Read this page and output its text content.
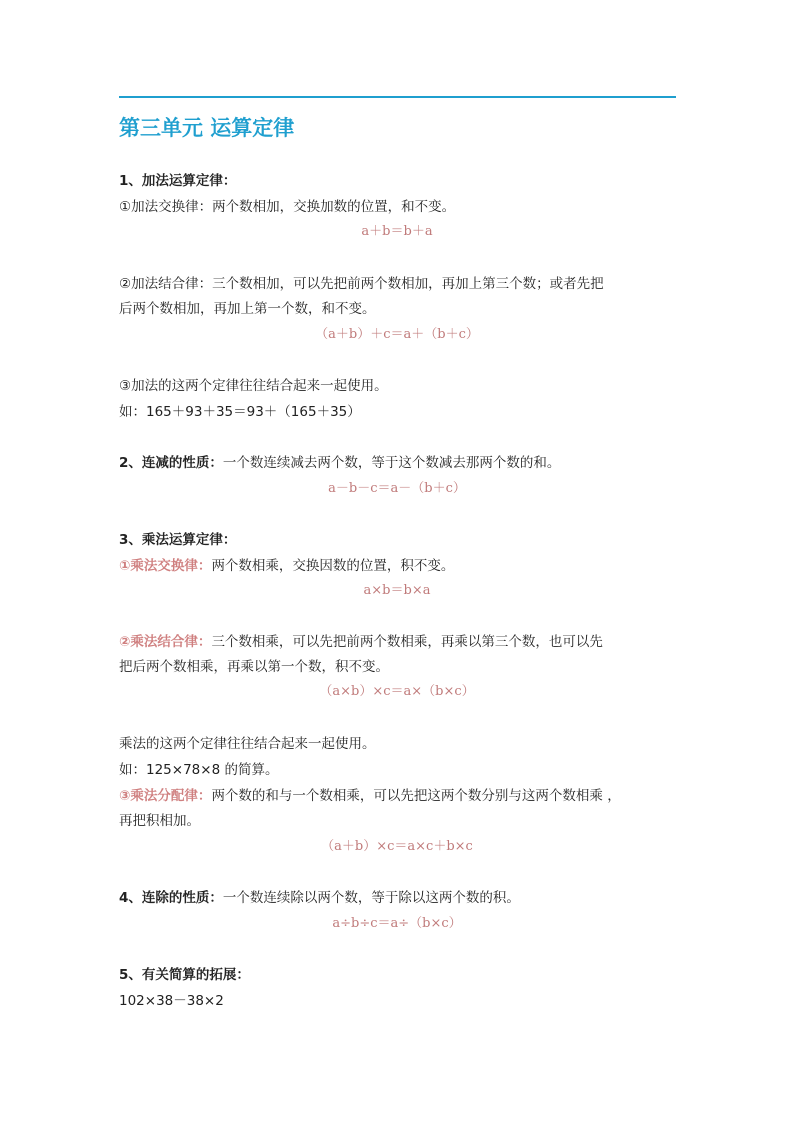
第三单元 运算定律
1、加法运算定律：
①加法交换律：两个数相加，交换加数的位置，和不变。
a＋b＝b＋a
②加法结合律：三个数相加，可以先把前两个数相加，再加上第三个数；或者先把
后两个数相加，再加上第一个数，和不变。
（a＋b）＋c＝a＋（b＋c）
③加法的这两个定律往往结合起来一起使用。
如：165＋93＋35＝93＋（165＋35）
2、连减的性质：一个数连续减去两个数，等于这个数减去那两个数的和。
a－b－c＝a－（b＋c）
3、乘法运算定律：
①乘法交换律：两个数相乘，交换因数的位置，积不变。
a×b＝b×a
②乘法结合律：三个数相乘，可以先把前两个数相乘，再乘以第三个数，也可以先
把后两个数相乘，再乘以第一个数，积不变。
（a×b）×c＝a×（b×c）
乘法的这两个定律往往结合起来一起使用。
如：125×78×8 的简算。
③乘法分配律：两个数的和与一个数相乘，可以先把这两个数分别与这两个数相乘 ，
再把积相加。
（a＋b）×c＝a×c＋b×c
4、连除的性质：一个数连续除以两个数，等于除以这两个数的积。
a÷b÷c＝a÷（b×c）
5、有关简算的拓展：
102×38－38×2
